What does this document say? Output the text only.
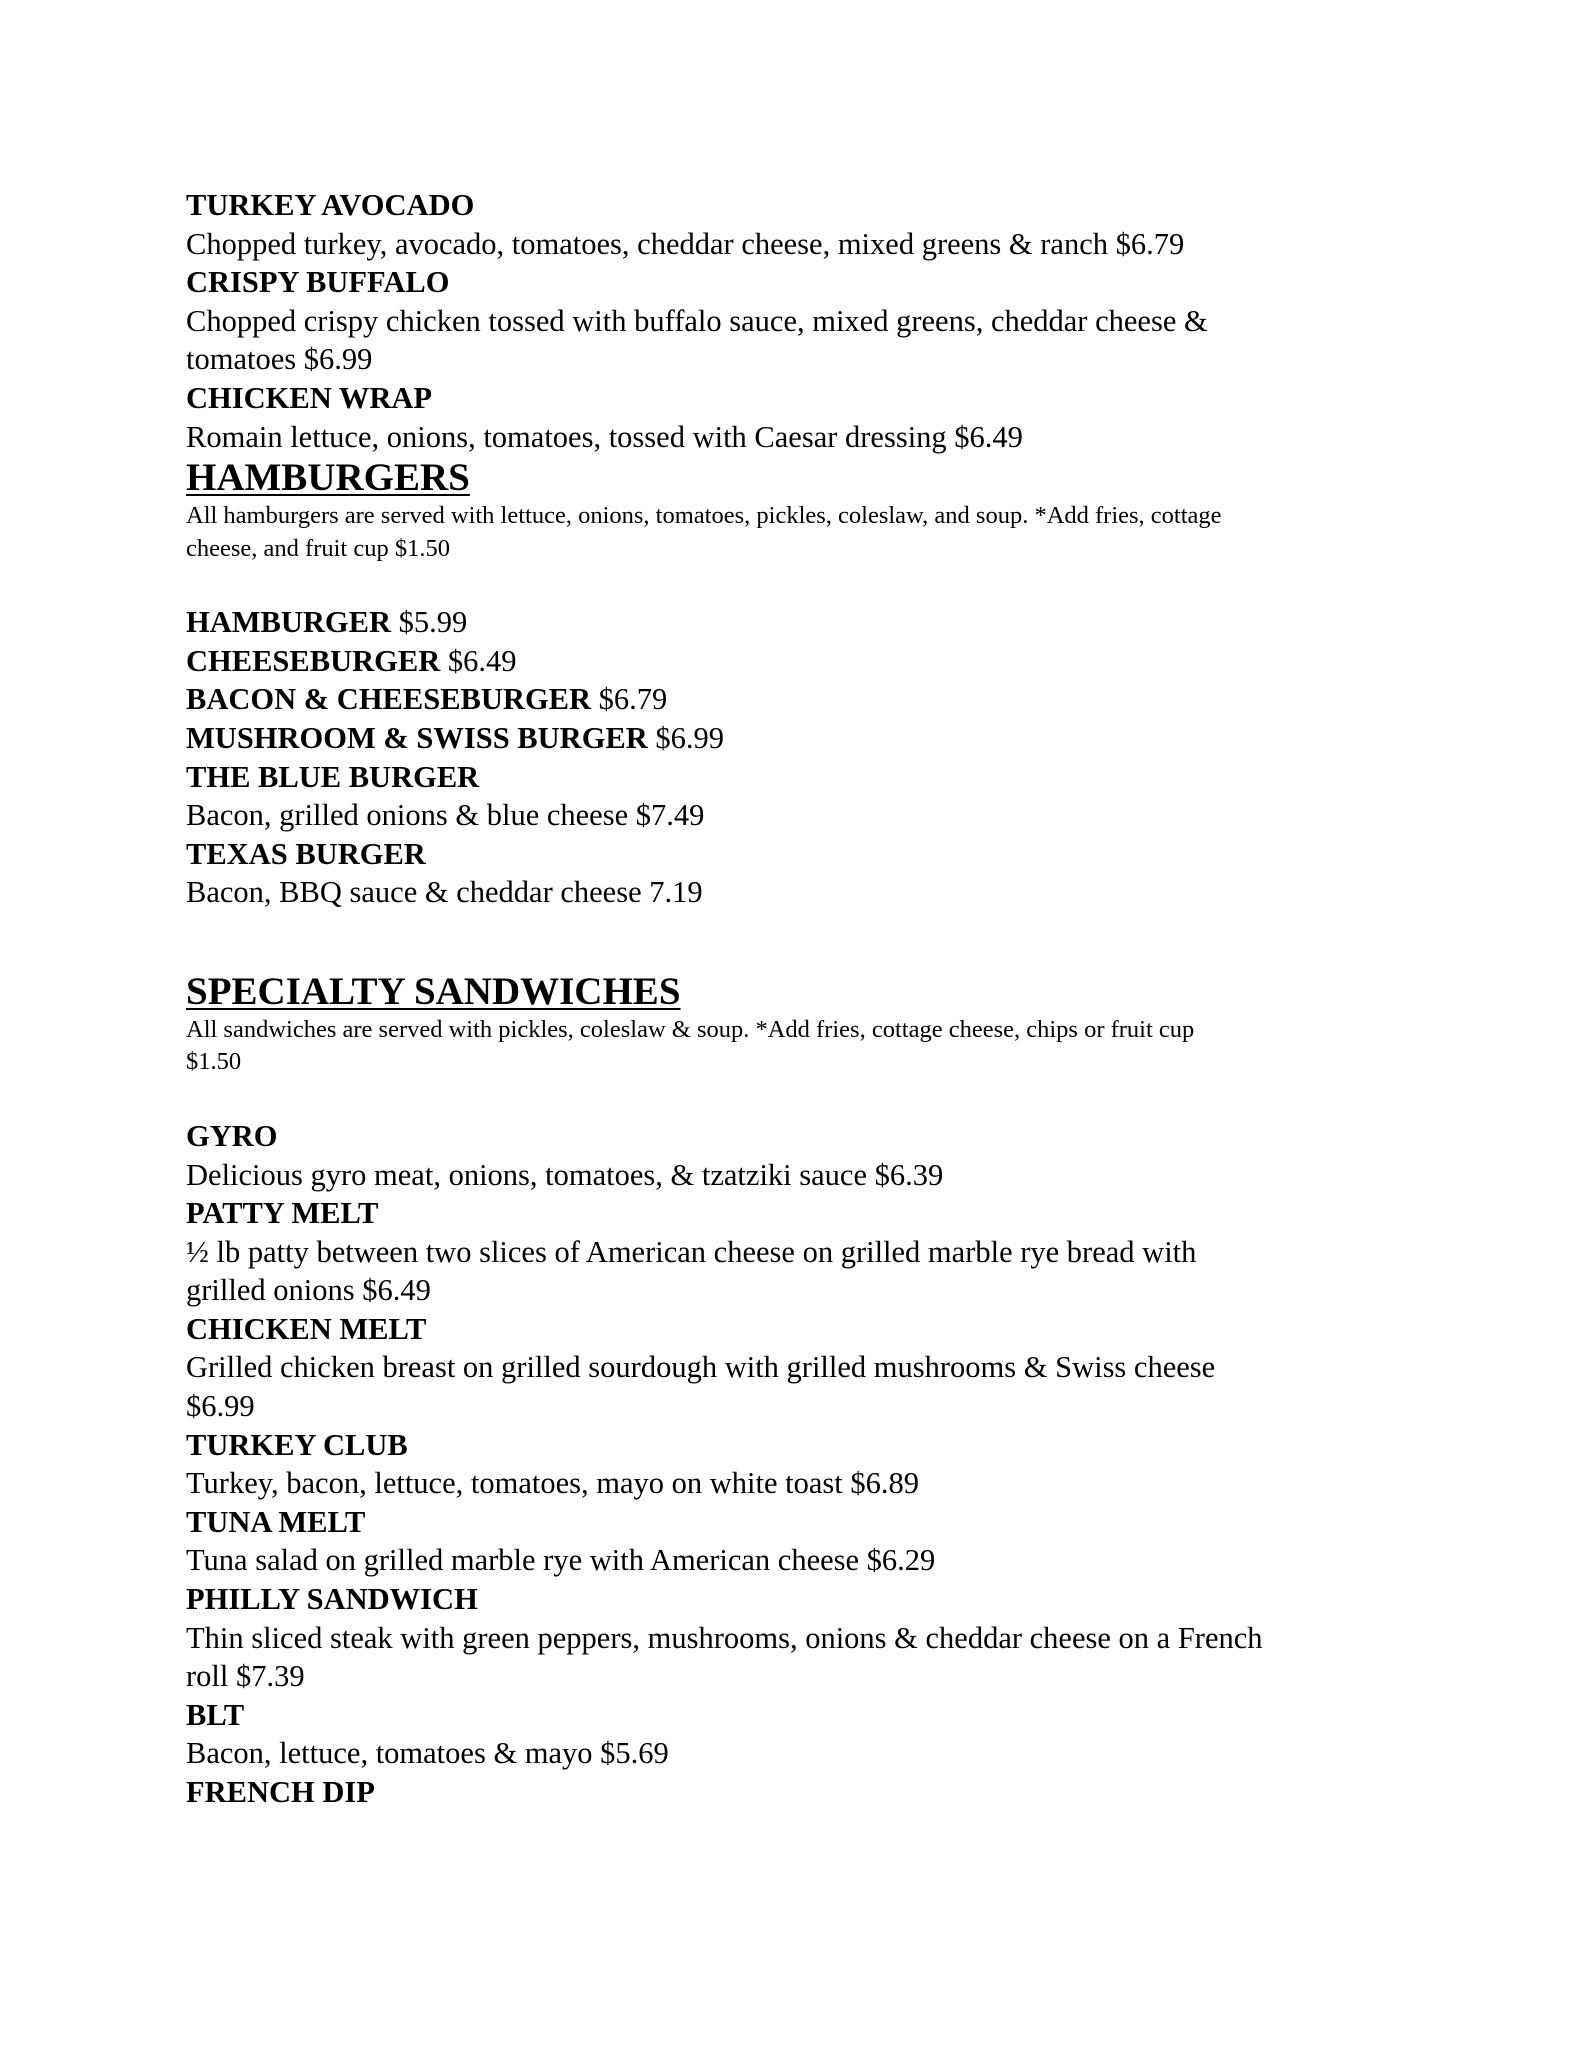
TURKEY AVOCADO

Chopped turkey, avocado, tomatoes, cheddar cheese, mixed greens & ranch $6.79

CRISPY BUFFALO

Chopped crispy chicken tossed with buffalo sauce, mixed greens, cheddar cheese &

tomatoes $6.99

CHICKEN WRAP

Romain lettuce, onions, tomatoes, tossed with Caesar dressing $6.49

HAMBURGERS

All hamburgers are served with lettuce, onions, tomatoes, pickles, coleslaw, and soup. *Add fries, cottage

cheese, and fruit cup $1.50

HAMBURGER $5.99

CHEESEBURGER $6.49

BACON & CHEESEBURGER $6.79

MUSHROOM & SWISS BURGER $6.99

THE BLUE BURGER

Bacon, grilled onions & blue cheese $7.49

TEXAS BURGER

Bacon, BBQ sauce & cheddar cheese 7.19

SPECIALTY SANDWICHES

All sandwiches are served with pickles, coleslaw & soup. *Add fries, cottage cheese, chips or fruit cup

$1.50

GYRO

Delicious gyro meat, onions, tomatoes, & tzatziki sauce $6.39

PATTY MELT

½ lb patty between two slices of American cheese on grilled marble rye bread with

grilled onions $6.49

CHICKEN MELT

Grilled chicken breast on grilled sourdough with grilled mushrooms & Swiss cheese

$6.99

TURKEY CLUB

Turkey, bacon, lettuce, tomatoes, mayo on white toast $6.89

TUNA MELT

Tuna salad on grilled marble rye with American cheese $6.29

PHILLY SANDWICH

Thin sliced steak with green peppers, mushrooms, onions & cheddar cheese on a French

roll $7.39

BLT

Bacon, lettuce, tomatoes & mayo $5.69

FRENCH DIP
